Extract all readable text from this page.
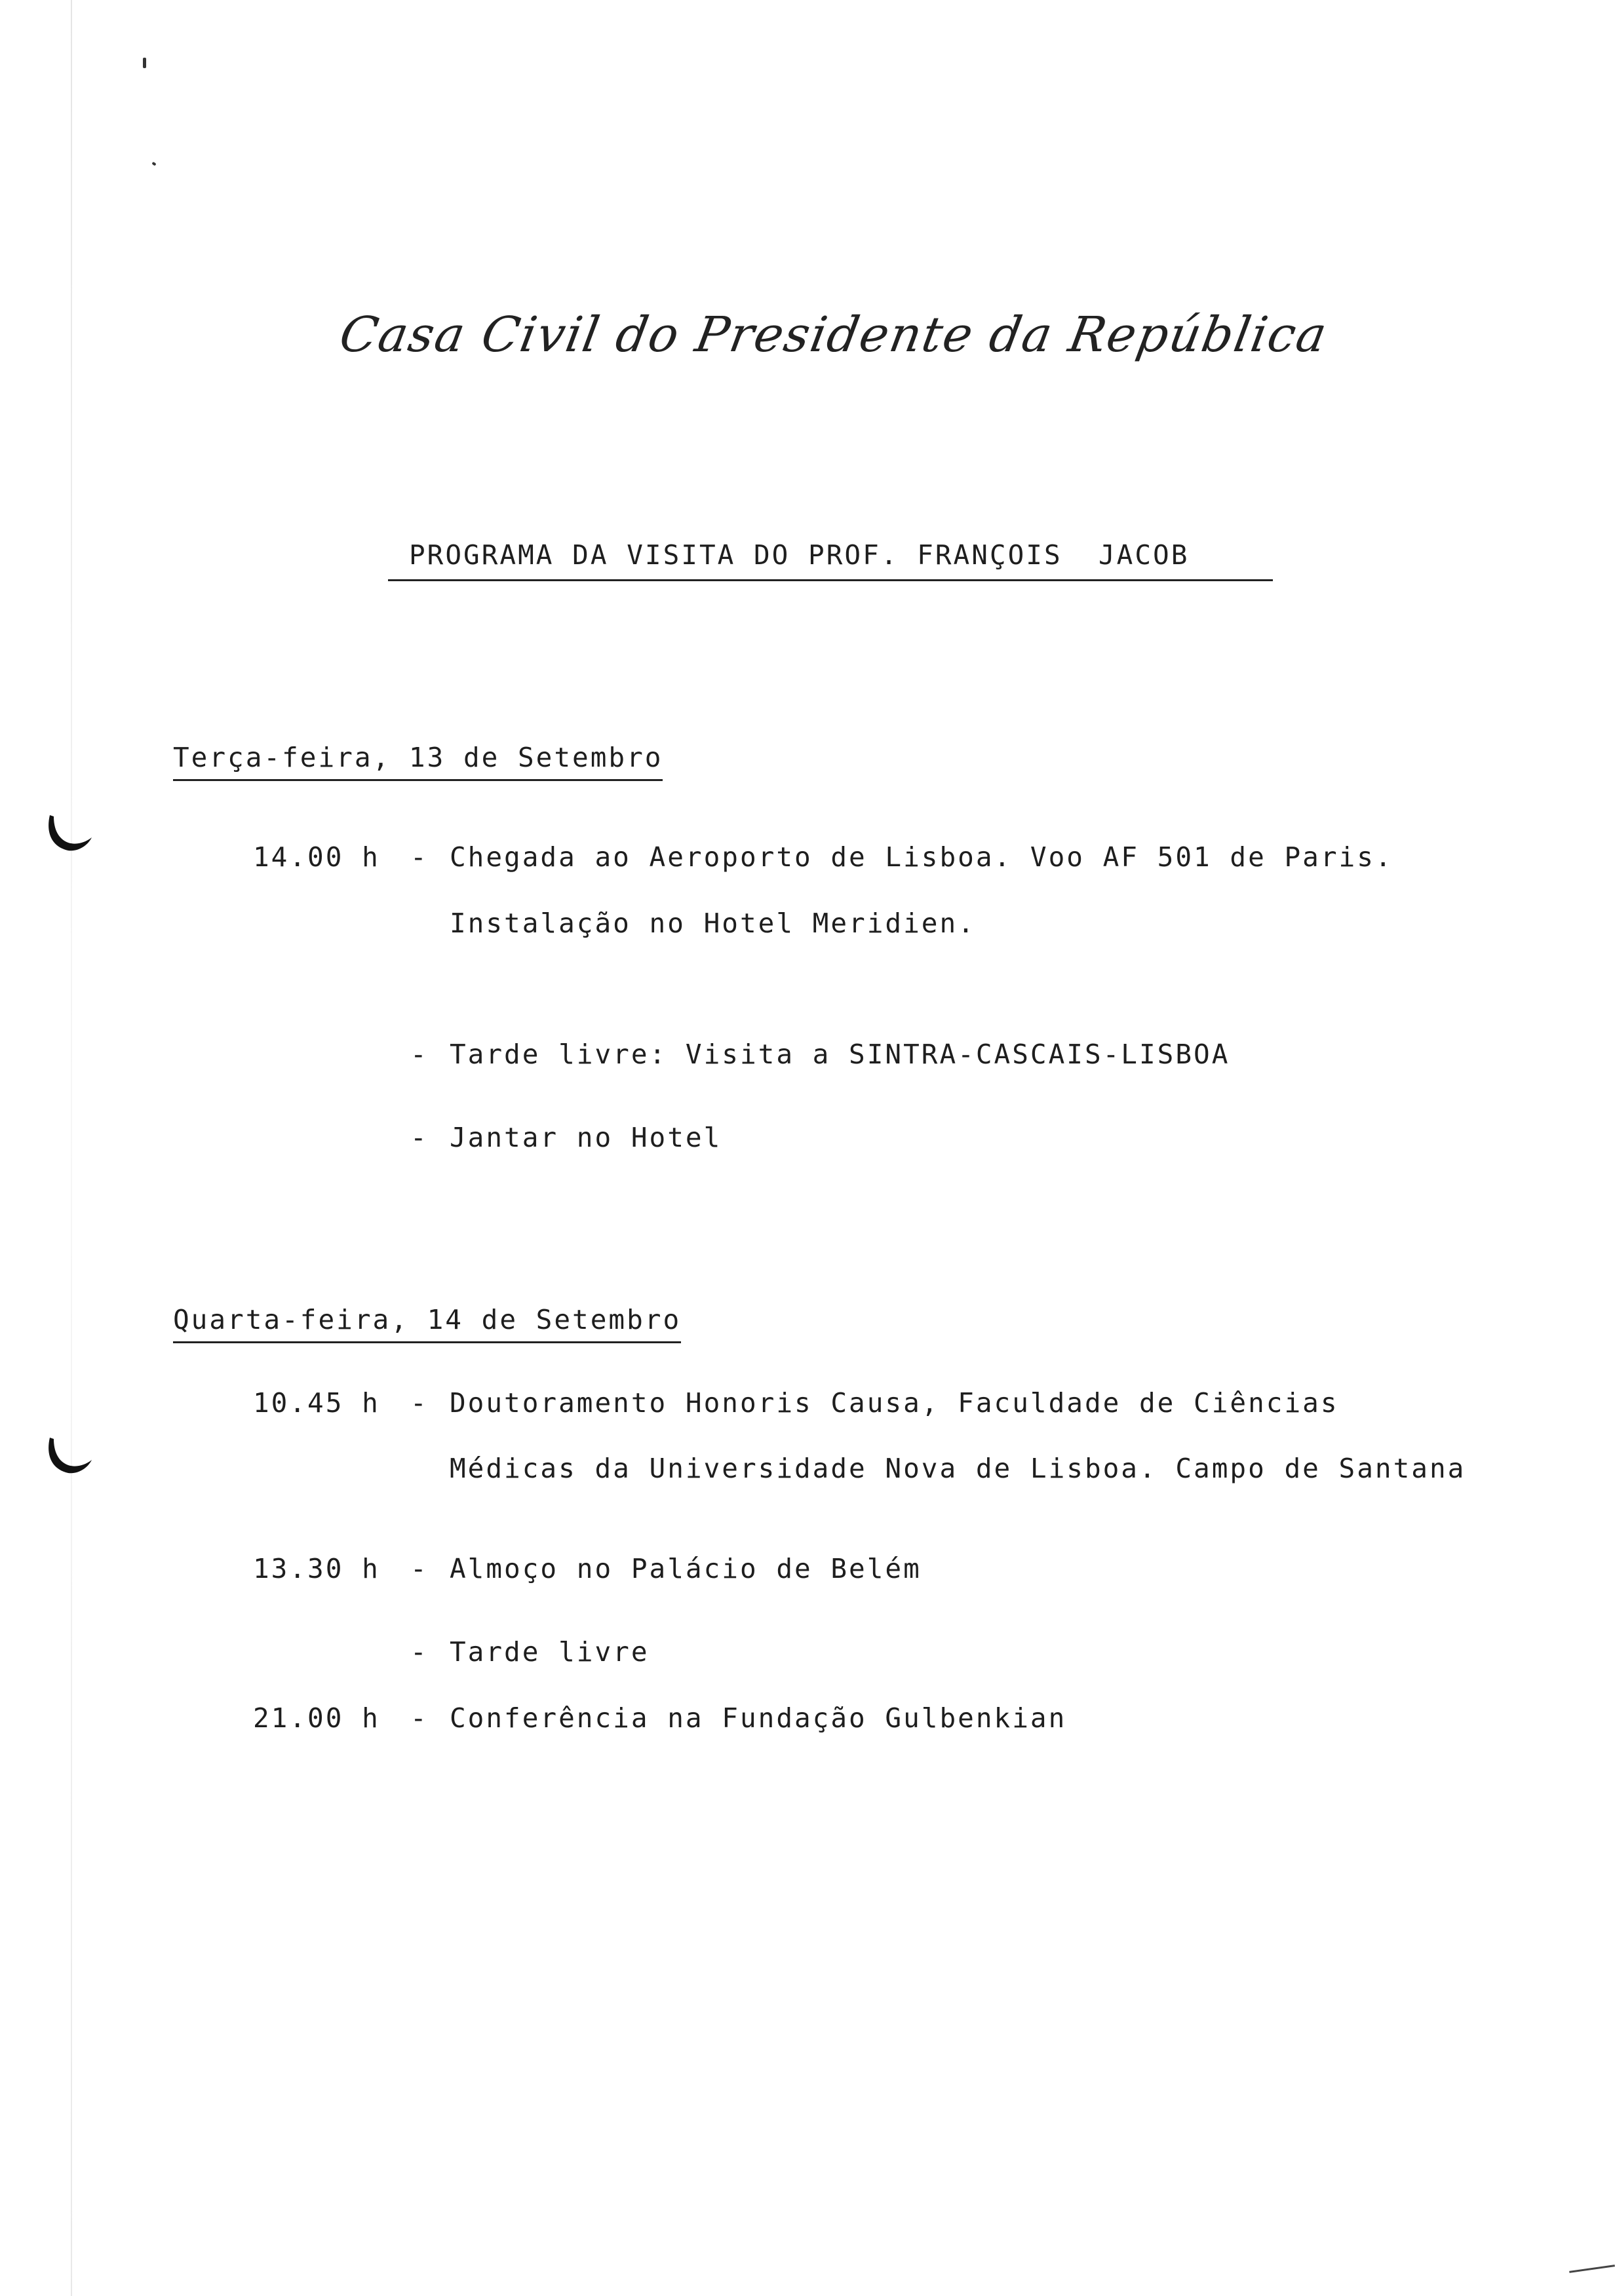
Casa Civil do Presidente da República
PROGRAMA DA VISITA DO PROF. FRANÇOIS  JACOB
Terça-feira, 13 de Setembro
14.00 h - Chegada ao Aeroporto de Lisboa. Voo AF 501 de Paris.
Instalação no Hotel Meridien.
- Tarde livre: Visita a SINTRA-CASCAIS-LISBOA
- Jantar no Hotel
Quarta-feira, 14 de Setembro
10.45 h - Doutoramento Honoris Causa, Faculdade de Ciências
Médicas da Universidade Nova de Lisboa. Campo de Santana
13.30 h - Almoço no Palácio de Belém
- Tarde livre
21.00 h - Conferência na Fundação Gulbenkian
